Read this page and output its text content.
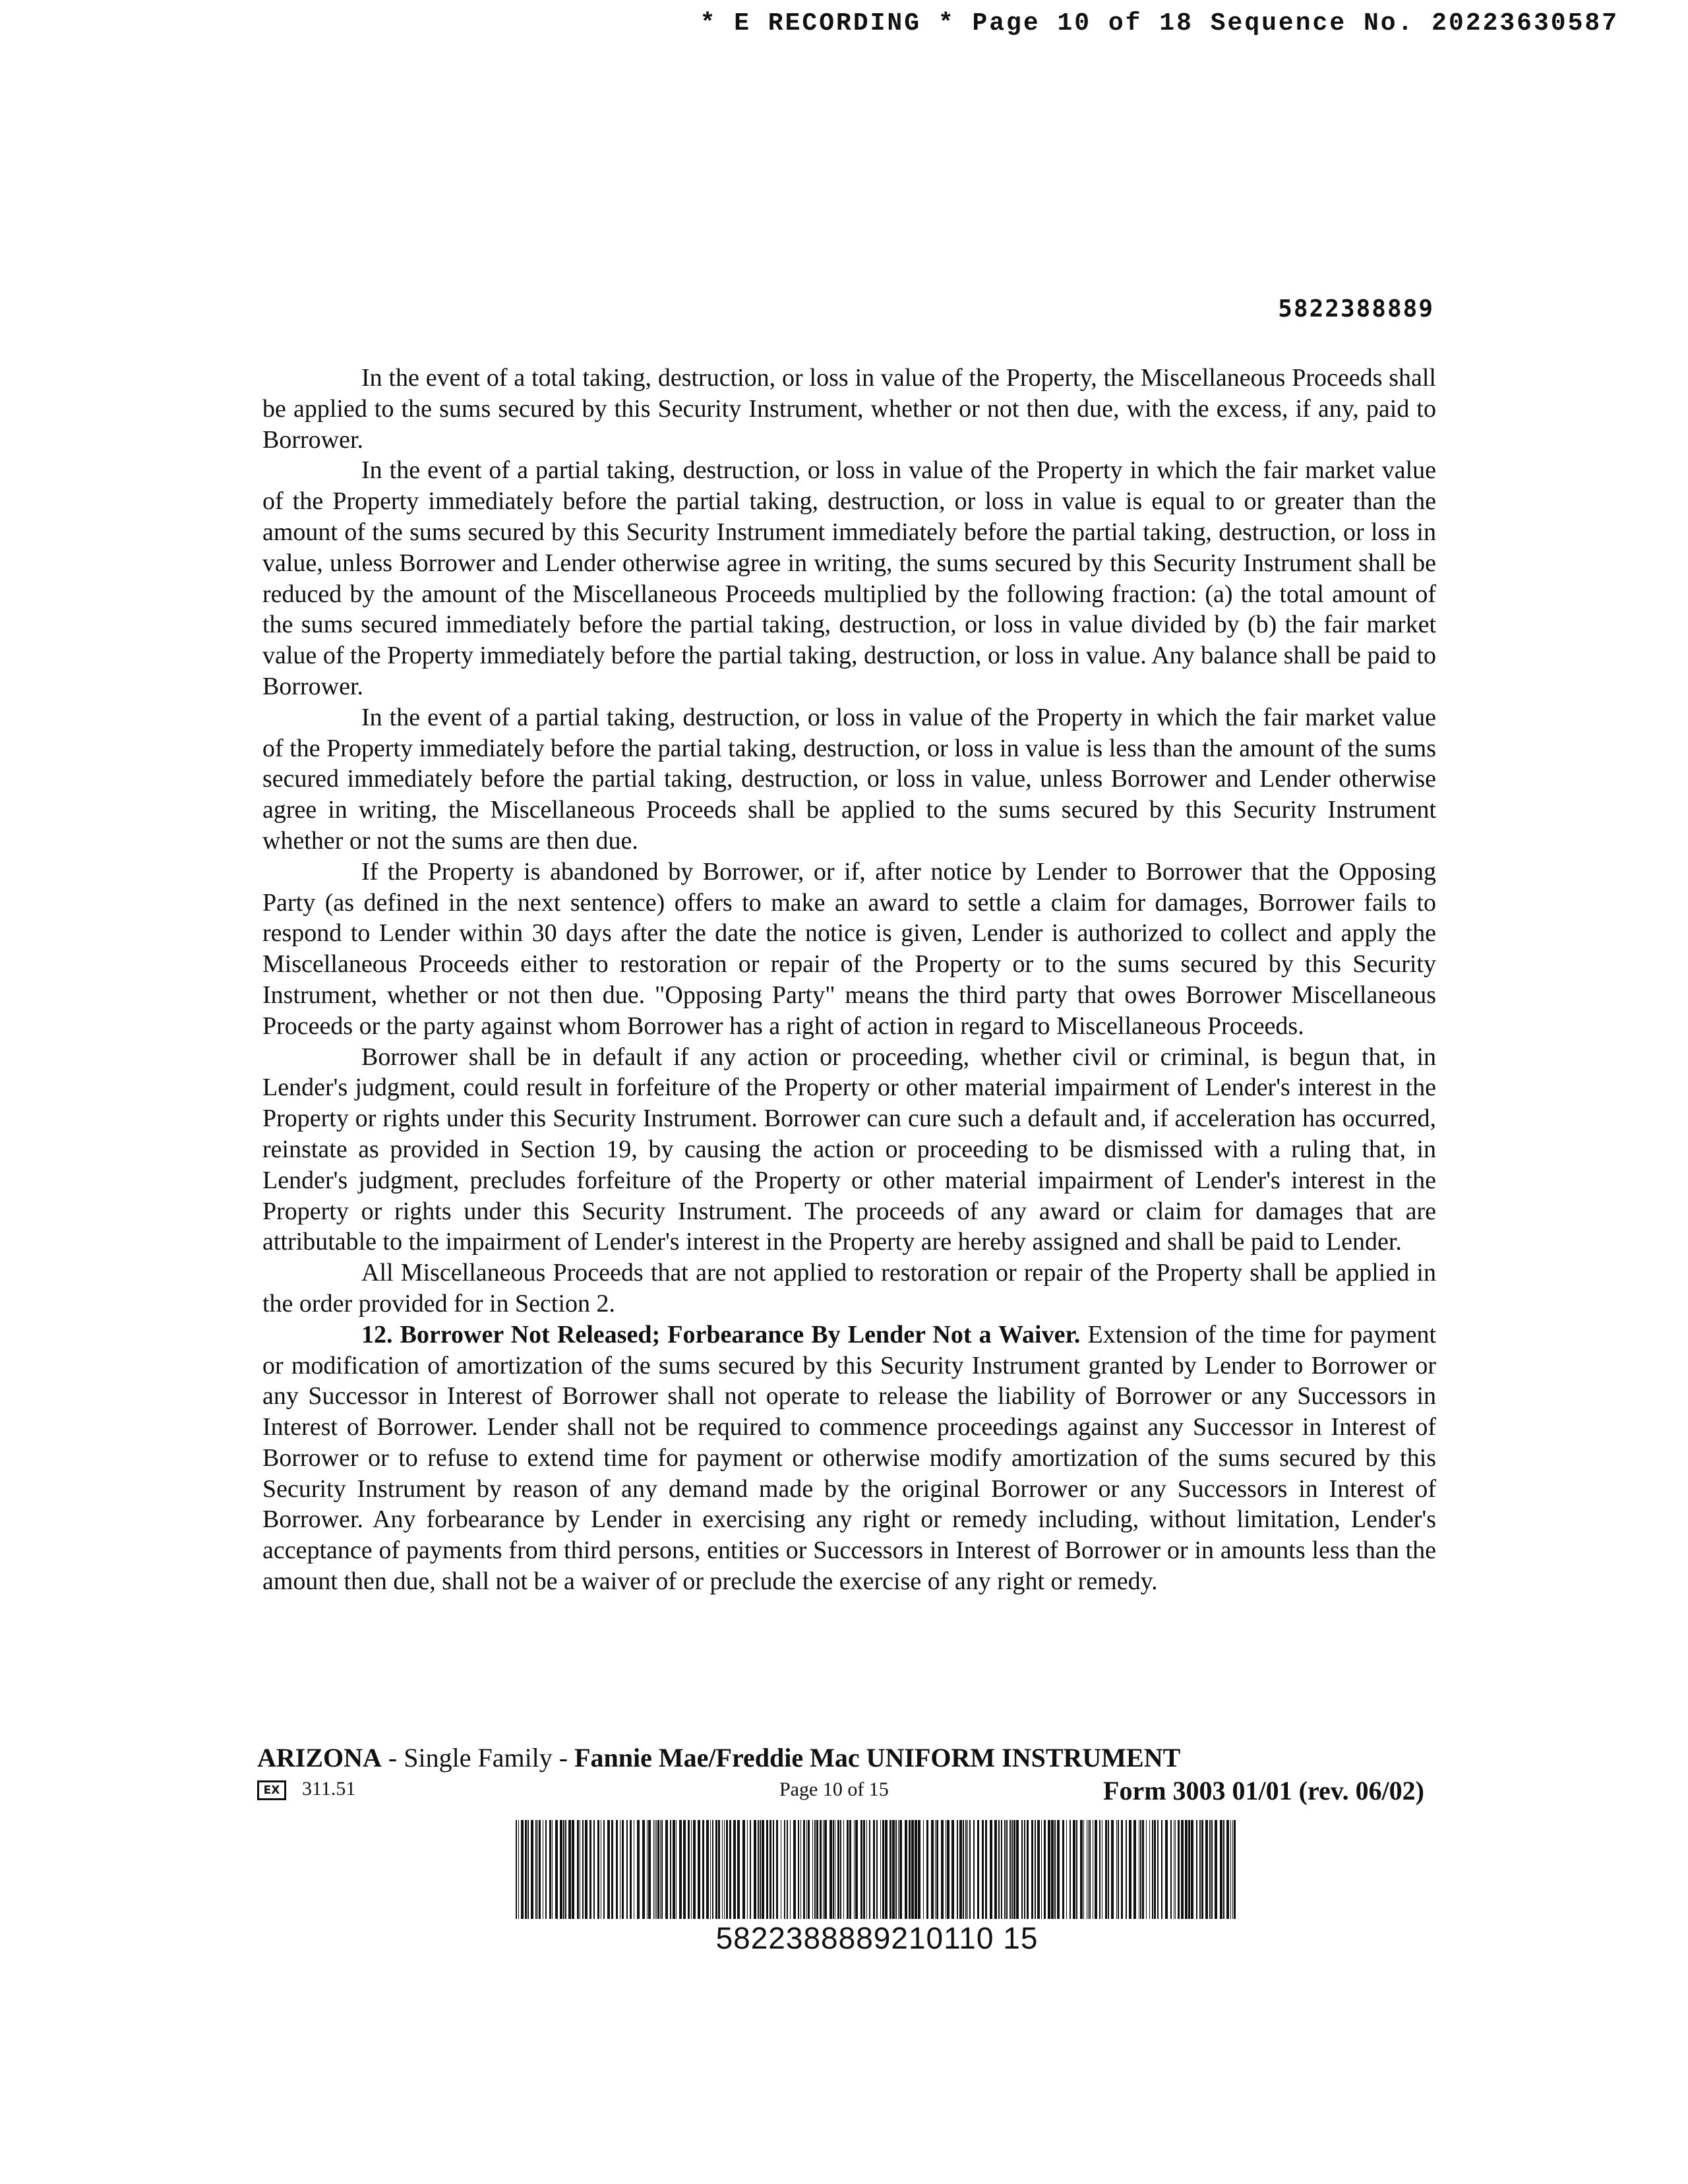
* E RECORDING * Page 10 of 18 Sequence No. 20223630587
5822388889

In the event of a total taking, destruction, or loss in value of the Property, the Miscellaneous Proceeds shall be applied to the sums secured by this Security Instrument, whether or not then due, with the excess, if any, paid to Borrower.

In the event of a partial taking, destruction, or loss in value of the Property in which the fair market value of the Property immediately before the partial taking, destruction, or loss in value is equal to or greater than the amount of the sums secured by this Security Instrument immediately before the partial taking, destruction, or loss in value, unless Borrower and Lender otherwise agree in writing, the sums secured by this Security Instrument shall be reduced by the amount of the Miscellaneous Proceeds multiplied by the following fraction: (a) the total amount of the sums secured immediately before the partial taking, destruction, or loss in value divided by (b) the fair market value of the Property immediately before the partial taking, destruction, or loss in value. Any balance shall be paid to Borrower.

In the event of a partial taking, destruction, or loss in value of the Property in which the fair market value of the Property immediately before the partial taking, destruction, or loss in value is less than the amount of the sums secured immediately before the partial taking, destruction, or loss in value, unless Borrower and Lender otherwise agree in writing, the Miscellaneous Proceeds shall be applied to the sums secured by this Security Instrument whether or not the sums are then due.

If the Property is abandoned by Borrower, or if, after notice by Lender to Borrower that the Opposing Party (as defined in the next sentence) offers to make an award to settle a claim for damages, Borrower fails to respond to Lender within 30 days after the date the notice is given, Lender is authorized to collect and apply the Miscellaneous Proceeds either to restoration or repair of the Property or to the sums secured by this Security Instrument, whether or not then due. "Opposing Party" means the third party that owes Borrower Miscellaneous Proceeds or the party against whom Borrower has a right of action in regard to Miscellaneous Proceeds.

Borrower shall be in default if any action or proceeding, whether civil or criminal, is begun that, in Lender's judgment, could result in forfeiture of the Property or other material impairment of Lender's interest in the Property or rights under this Security Instrument. Borrower can cure such a default and, if acceleration has occurred, reinstate as provided in Section 19, by causing the action or proceeding to be dismissed with a ruling that, in Lender's judgment, precludes forfeiture of the Property or other material impairment of Lender's interest in the Property or rights under this Security Instrument. The proceeds of any award or claim for damages that are attributable to the impairment of Lender's interest in the Property are hereby assigned and shall be paid to Lender.

All Miscellaneous Proceeds that are not applied to restoration or repair of the Property shall be applied in the order provided for in Section 2.

12. Borrower Not Released; Forbearance By Lender Not a Waiver. Extension of the time for payment or modification of amortization of the sums secured by this Security Instrument granted by Lender to Borrower or any Successor in Interest of Borrower shall not operate to release the liability of Borrower or any Successors in Interest of Borrower. Lender shall not be required to commence proceedings against any Successor in Interest of Borrower or to refuse to extend time for payment or otherwise modify amortization of the sums secured by this Security Instrument by reason of any demand made by the original Borrower or any Successors in Interest of Borrower. Any forbearance by Lender in exercising any right or remedy including, without limitation, Lender's acceptance of payments from third persons, entities or Successors in Interest of Borrower or in amounts less than the amount then due, shall not be a waiver of or preclude the exercise of any right or remedy.

ARIZONA - Single Family - Fannie Mae/Freddie Mac UNIFORM INSTRUMENT
EX	311.51	Page 10 of 15	Form 3003 01/01 (rev. 06/02)
5822388889210110 15
